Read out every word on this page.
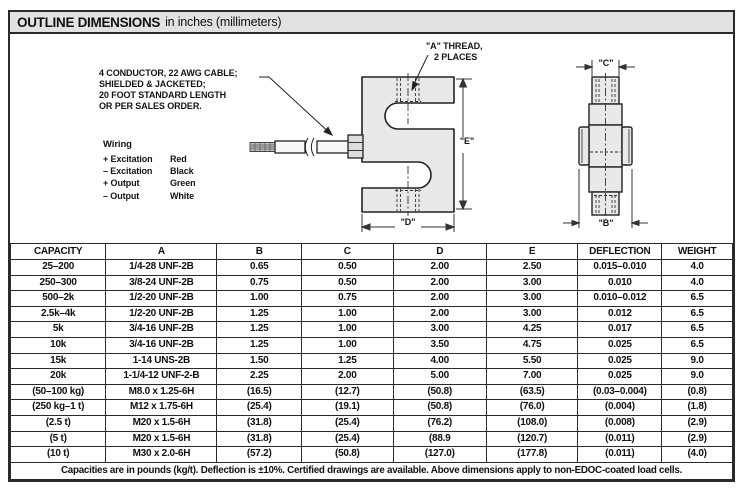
OUTLINE DIMENSIONS in inches (millimeters)
4 CONDUCTOR, 22 AWG CABLE;
SHIELDED & JACKETED;
20 FOOT STANDARD LENGTH
OR PER SALES ORDER.
Wiring
+ Excitation	Red
– Excitation	Black
+ Output	Green
– Output	White
"A" THREAD,
2 PLACES
"C"
"E"
"D"	"B"
CAPACITY	A	B	C	D	E	DEFLECTION	WEIGHT
25–200	1/4-28 UNF-2B	0.65	0.50	2.00	2.50	0.015–0.010	4.0
250–300	3/8-24 UNF-2B	0.75	0.50	2.00	3.00	0.010	4.0
500–2k	1/2-20 UNF-2B	1.00	0.75	2.00	3.00	0.010–0.012	6.5
2.5k–4k	1/2-20 UNF-2B	1.25	1.00	2.00	3.00	0.012	6.5
5k	3/4-16 UNF-2B	1.25	1.00	3.00	4.25	0.017	6.5
10k	3/4-16 UNF-2B	1.25	1.00	3.50	4.75	0.025	6.5
15k	1-14 UNS-2B	1.50	1.25	4.00	5.50	0.025	9.0
20k	1-1/4-12 UNF-2-B	2.25	2.00	5.00	7.00	0.025	9.0
(50–100 kg)	M8.0 x 1.25-6H	(16.5)	(12.7)	(50.8)	(63.5)	(0.03–0.004)	(0.8)
(250 kg–1 t)	M12 x 1.75-6H	(25.4)	(19.1)	(50.8)	(76.0)	(0.004)	(1.8)
(2.5 t)	M20 x 1.5-6H	(31.8)	(25.4)	(76.2)	(108.0)	(0.008)	(2.9)
(5 t)	M20 x 1.5-6H	(31.8)	(25.4)	(88.9	(120.7)	(0.011)	(2.9)
(10 t)	M30 x 2.0-6H	(57.2)	(50.8)	(127.0)	(177.8)	(0.011)	(4.0)
Capacities are in pounds (kg/t). Deflection is ±10%. Certified drawings are available. Above dimensions apply to non-EDOC-coated load cells.							
